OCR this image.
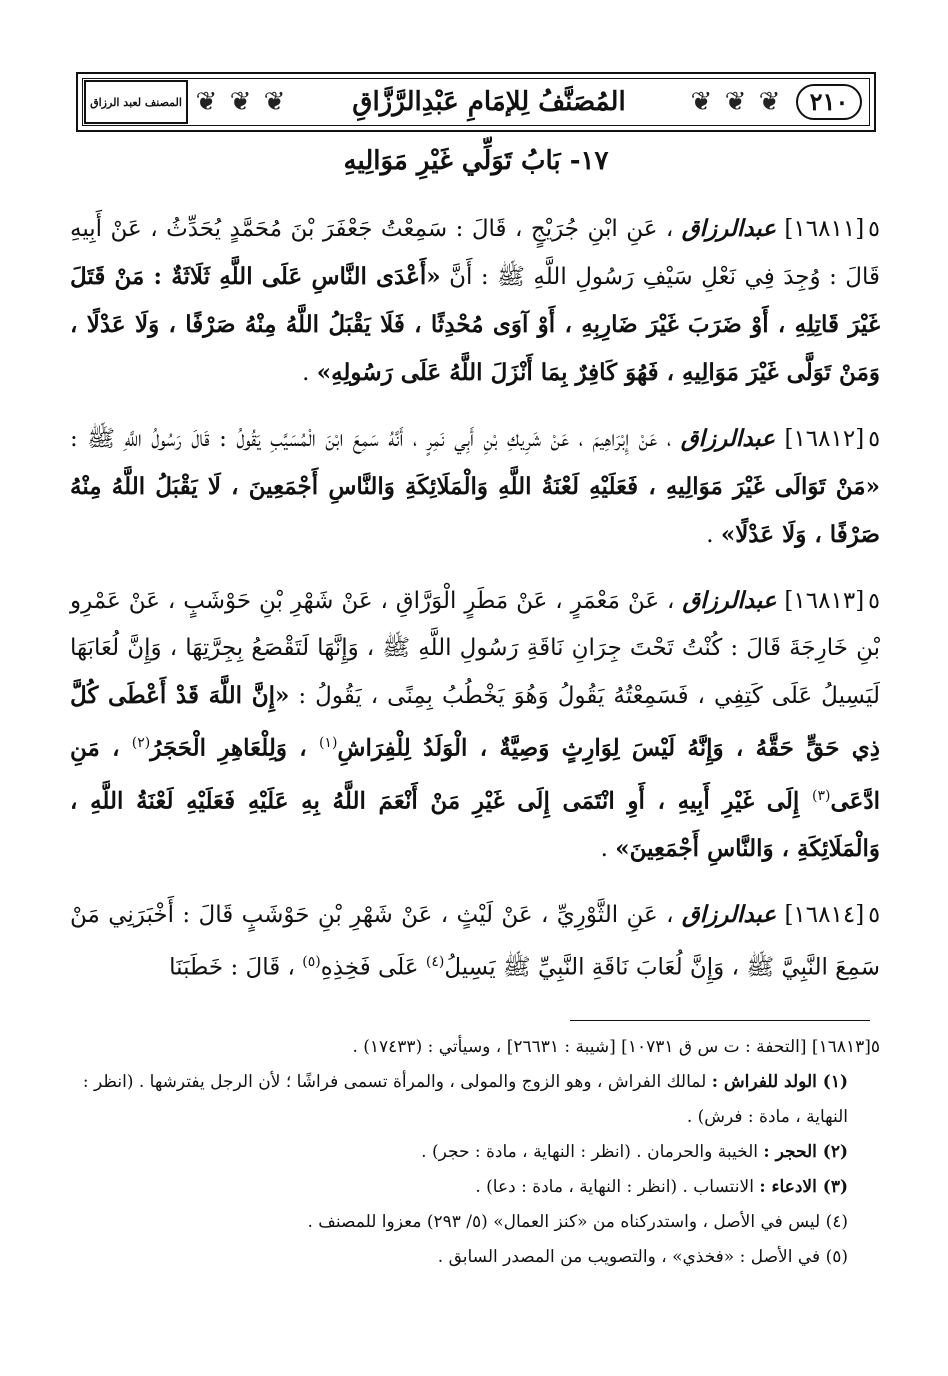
المصنف لعبد الرزاق ❦ ❦ ❦ المُصَنَّفُ لِلإمَامِ عَبْدِالرَّزَّاقِ ❦ ❦ ❦	٢١٠
١٧- بَابُ تَوَلِّي غَيْرِ مَوَالِيهِ

٥[١٦٨١١] عبدالرزاق ، عَنِ ابْنِ جُرَيْجٍ ، قَالَ : سَمِعْتُ جَعْفَرَ بْنَ مُحَمَّدٍ يُحَدِّثُ ، عَنْ أَبِيهِ قَالَ : وُجِدَ فِي نَعْلِ سَيْفِ رَسُولِ اللَّهِ ﷺ : أَنَّ «أَعْدَى النَّاسِ عَلَى اللَّهِ ثَلَاثَةٌ : مَنْ قَتَلَ غَيْرَ قَاتِلِهِ ، أَوْ ضَرَبَ غَيْرَ ضَارِبِهِ ، أَوْ آوَى مُحْدِثًا ، فَلَا يَقْبَلُ اللَّهُ مِنْهُ صَرْفًا ، وَلَا عَدْلًا ، وَمَنْ تَوَلَّى غَيْرَ مَوَالِيهِ ، فَهُوَ كَافِرٌ بِمَا أَنْزَلَ اللَّهُ عَلَى رَسُولِهِ» .

٥[١٦٨١٢] عبدالرزاق ، عَنْ إِبْرَاهِيمَ ، عَنْ شَرِيكِ بْنِ أَبِي نَمِرٍ ، أَنَّهُ سَمِعَ ابْنَ الْمُسَيَّبِ يَقُولُ : قَالَ رَسُولُ اللَّهِ ﷺ : «مَنْ تَوَالَى غَيْرَ مَوَالِيهِ ، فَعَلَيْهِ لَعْنَةُ اللَّهِ وَالْمَلَائِكَةِ وَالنَّاسِ أَجْمَعِينَ ، لَا يَقْبَلُ اللَّهُ مِنْهُ صَرْفًا ، وَلَا عَدْلًا» .

٥[١٦٨١٣] عبدالرزاق ، عَنْ مَعْمَرٍ ، عَنْ مَطَرٍ الْوَرَّاقِ ، عَنْ شَهْرِ بْنِ حَوْشَبٍ ، عَنْ عَمْرِو بْنِ خَارِجَةَ قَالَ : كُنْتُ تَحْتَ جِرَانِ نَاقَةِ رَسُولِ اللَّهِ ﷺ ، وَإِنَّهَا لَتَقْصَعُ بِجِرَّتِهَا ، وَإِنَّ لُعَابَهَا لَيَسِيلُ عَلَى كَتِفِي ، فَسَمِعْتُهُ يَقُولُ وَهُوَ يَخْطُبُ بِمِنًى ، يَقُولُ : «إِنَّ اللَّهَ قَدْ أَعْطَى كُلَّ ذِي حَقٍّ حَقَّهُ ، وَإِنَّهُ لَيْسَ لِوَارِثٍ وَصِيَّةٌ ، الْوَلَدُ لِلْفِرَاشِ$^{(١)}$ ، وَلِلْعَاهِرِ الْحَجَرُ$^{(٢)}$ ، مَنِ ادَّعَى$^{(٣)}$ إِلَى غَيْرِ أَبِيهِ ، أَوِ انْتَمَى إِلَى غَيْرِ مَنْ أَنْعَمَ اللَّهُ بِهِ عَلَيْهِ فَعَلَيْهِ لَعْنَةُ اللَّهِ ، وَالْمَلَائِكَةِ ، وَالنَّاسِ أَجْمَعِينَ» .

٥[١٦٨١٤] عبدالرزاق ، عَنِ الثَّوْرِيِّ ، عَنْ لَيْثٍ ، عَنْ شَهْرِ بْنِ حَوْشَبٍ قَالَ : أَخْبَرَنِي مَنْ سَمِعَ النَّبِيَّ ﷺ ، وَإِنَّ لُعَابَ نَاقَةِ النَّبِيِّ ﷺ يَسِيلُ$^{(٤)}$ عَلَى فَخِذِهِ$^{(٥)}$ ، قَالَ : خَطَبَنَا

٥[١٦٨١٣] [التحفة : ت س ق ١٠٧٣١] [شيبة : ٢٦٦٣١] ، وسيأتي : (١٧٤٣٣) .

(١) الولد للفراش : لمالك الفراش ، وهو الزوج والمولى ، والمرأة تسمى فراشًا ؛ لأن الرجل يفترشها . (انظر : النهاية ، مادة : فرش) .

(٢) الحجر : الخيبة والحرمان . (انظر : النهاية ، مادة : حجر) .

(٣) الادعاء : الانتساب . (انظر : النهاية ، مادة : دعا) .

(٤) ليس في الأصل ، واستدركناه من «كنز العمال» (٥/ ٢٩٣) معزوا للمصنف .

(٥) في الأصل : «فخذي» ، والتصويب من المصدر السابق .
